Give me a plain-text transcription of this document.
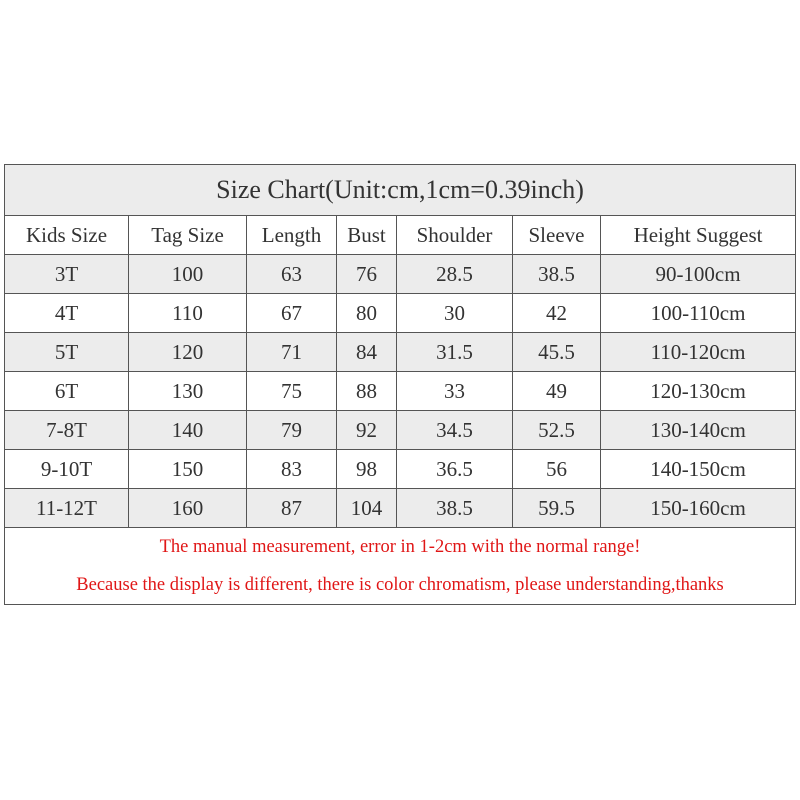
Size Chart(Unit:cm,1cm=0.39inch)						
Kids Size	Tag Size	Length	Bust	Shoulder	Sleeve	Height Suggest
3T	100	63	76	28.5	38.5	90-100cm
4T	110	67	80	30	42	100-110cm
5T	120	71	84	31.5	45.5	110-120cm
6T	130	75	88	33	49	120-130cm
7-8T	140	79	92	34.5	52.5	130-140cm
9-10T	150	83	98	36.5	56	140-150cm
11-12T	160	87	104	38.5	59.5	150-160cm

The manual measurement, error in 1-2cm with the normal range!
Because the display is different, there is color chromatism, please understanding,thanks						
